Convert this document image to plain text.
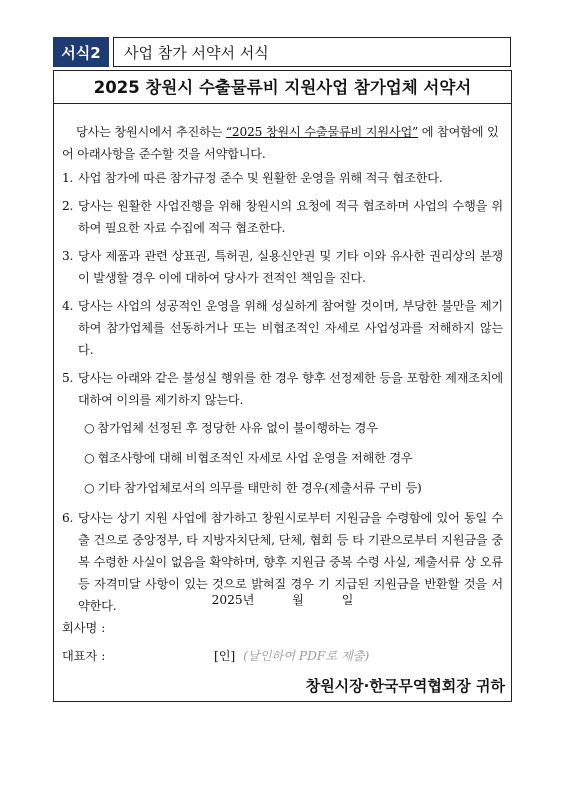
서식2	사업 참가 서약서 서식
2025 창원시 수출물류비 지원사업 참가업체 서약서
당사는 창원시에서 추진하는 “2025 창원시 수출물류비 지원사업” 에 참여함에 있어 아래사항을 준수할 것을 서약합니다.
1. 사업 참가에 따른 참가규정 준수 및 원활한 운영을 위해 적극 협조한다.
2. 당사는 원활한 사업진행을 위해 창원시의 요청에 적극 협조하며 사업의 수행을 위하여 필요한 자료 수집에 적극 협조한다.
3. 당사 제품과 관련 상표권, 특허권, 실용신안권 및 기타 이와 유사한 권리상의 분쟁이 발생할 경우 이에 대하여 당사가 전적인 책임을 진다.
4. 당사는 사업의 성공적인 운영을 위해 성실하게 참여할 것이며, 부당한 불만을 제기하여 참가업체를 선동하거나 또는 비협조적인 자세로 사업성과를 저해하지 않는다.
5. 당사는 아래와 같은 불성실 행위를 한 경우 향후 선정제한 등을 포함한 제재조치에 대하여 이의를 제기하지 않는다.
○ 참가업체 선정된 후 정당한 사유 없이 불이행하는 경우
○ 협조사항에 대해 비협조적인 자세로 사업 운영을 저해한 경우
○ 기타 참가업체로서의 의무를 태만히 한 경우(제출서류 구비 등)
6. 당사는 상기 지원 사업에 참가하고 창원시로부터 지원금을 수령함에 있어 동일 수출 건으로 중앙정부, 타 지방자치단체, 단체, 협회 등 타 기관으로부터 지원금을 중복 수령한 사실이 없음을 확약하며, 향후 지원금 중복 수령 사실, 제출서류 상 오류 등 자격미달 사항이 있는 것으로 밝혀질 경우 기 지급된 지원금을 반환할 것을 서약한다.	2025년	월	일
회사명 :
대표자 :	[인] (날인하여 PDF로 제출)
창원시장·한국무역협회장 귀하
